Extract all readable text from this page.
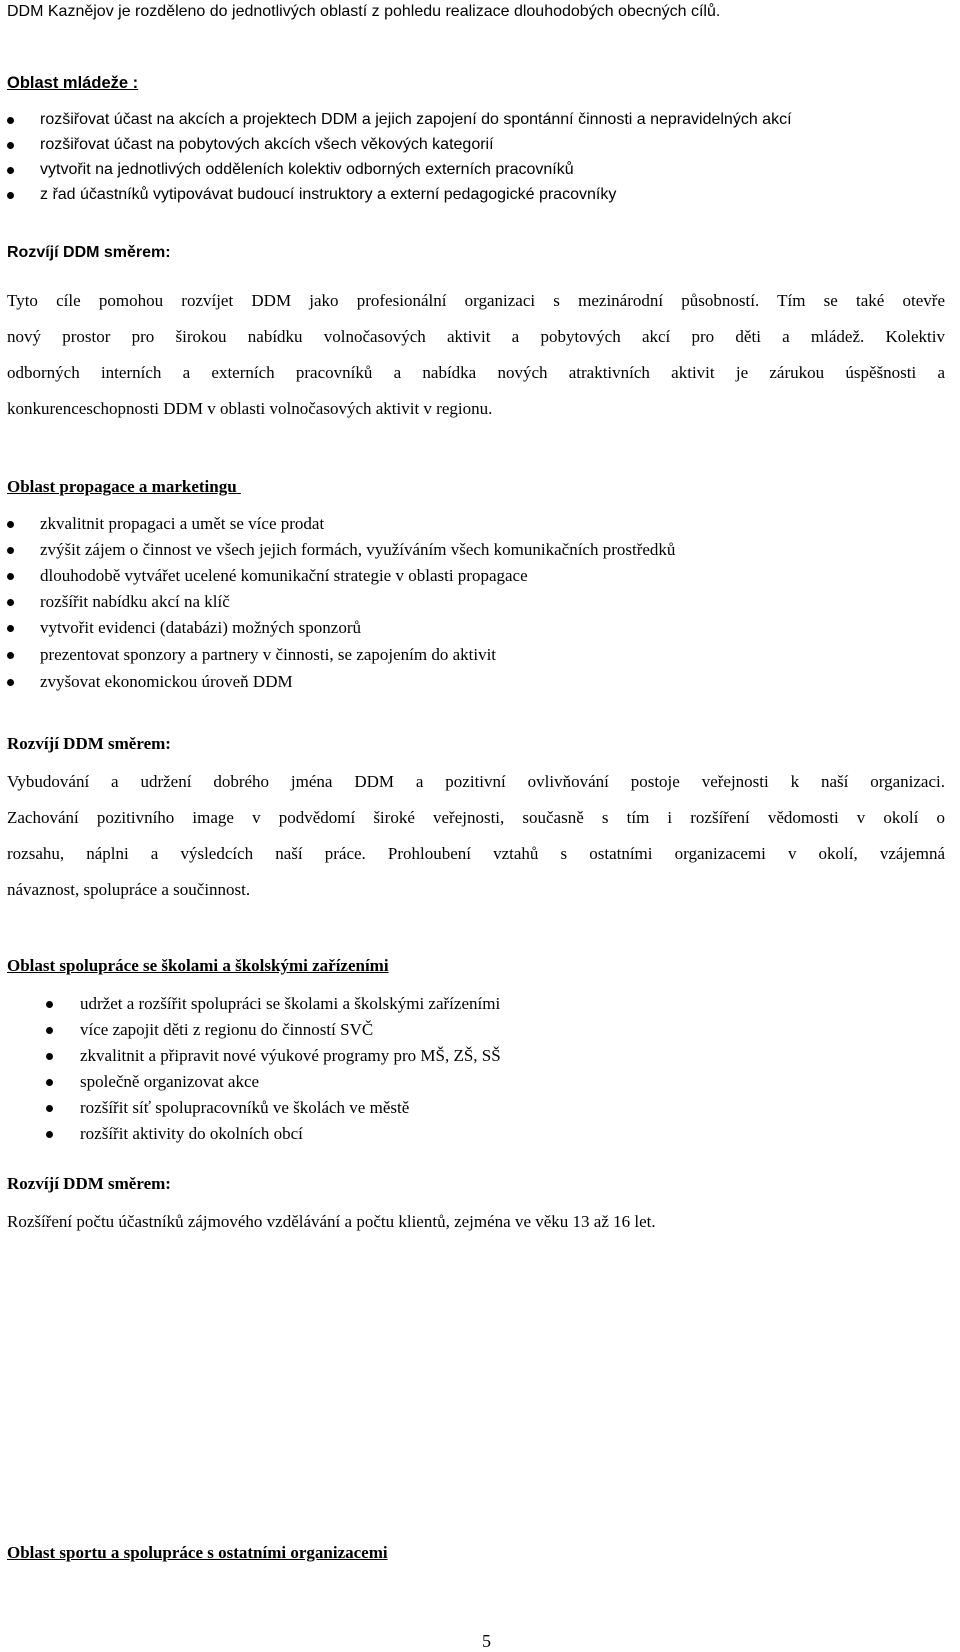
DDM Kaznějov je rozděleno do jednotlivých oblastí z pohledu realizace dlouhodobých obecných cílů.
Oblast mládeže :
rozšiřovat účast na akcích a projektech DDM a jejich zapojení do spontánní činnosti a nepravidelných akcí
rozšiřovat účast na pobytových akcích všech věkových kategorií
vytvořit na jednotlivých odděleních kolektiv odborných externích pracovníků
z řad účastníků vytipovávat budoucí instruktory a externí pedagogické pracovníky
Rozvíjí DDM směrem:
Tyto cíle pomohou rozvíjet DDM jako profesionální organizaci s mezinárodní působností. Tím se také otevře
nový prostor pro širokou nabídku volnočasových aktivit a pobytových akcí pro děti a mládež. Kolektiv
odborných interních a externích pracovníků a nabídka nových atraktivních aktivit je zárukou úspěšnosti a
konkurenceschopnosti DDM v oblasti volnočasových aktivit v regionu.
Oblast propagace a marketingu
zkvalitnit propagaci a umět se více prodat
zvýšit zájem o činnost ve všech jejich formách, využíváním všech komunikačních prostředků
dlouhodobě vytvářet ucelené komunikační strategie v oblasti propagace
rozšířit nabídku akcí na klíč
vytvořit evidenci (databázi) možných sponzorů
prezentovat sponzory a partnery v činnosti, se zapojením do aktivit
zvyšovat ekonomickou úroveň DDM
Rozvíjí DDM směrem:
Vybudování a udržení dobrého jména DDM a pozitivní ovlivňování postoje veřejnosti k naší organizaci.
Zachování pozitivního image v podvědomí široké veřejnosti, současně s tím i rozšíření vědomosti v okolí o
rozsahu, náplni a výsledcích naší práce. Prohloubení vztahů s ostatními organizacemi v okolí, vzájemná
návaznost, spolupráce a součinnost.
Oblast spolupráce se školami a školskými zařízeními
udržet a rozšířit spolupráci se školami a školskými zařízeními
více zapojit děti z regionu do činností SVČ
zkvalitnit a připravit nové výukové programy pro MŠ, ZŠ, SŠ
společně organizovat akce
rozšířit síť spolupracovníků ve školách ve městě
rozšířit aktivity do okolních obcí
Rozvíjí DDM směrem:
Rozšíření počtu účastníků zájmového vzdělávání a počtu klientů, zejména ve věku 13 až 16 let.
Oblast sportu a spolupráce s ostatními organizacemi
5
